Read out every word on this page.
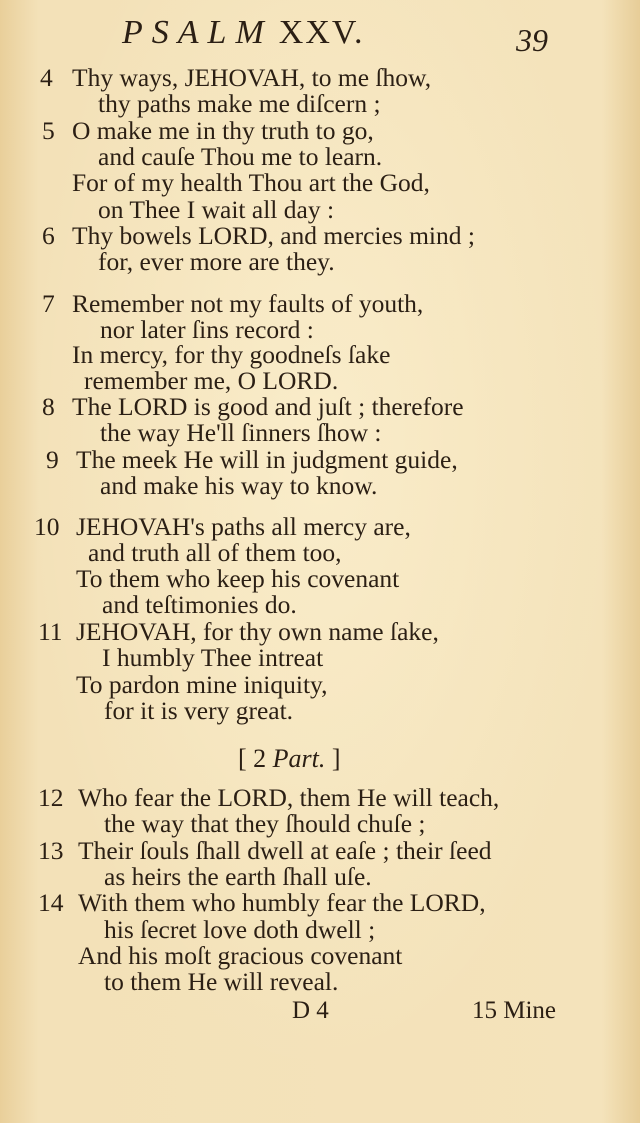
PSALM XXV.	39
4
5
6
7
8
9
10
11
12
13
14
Thy ways, JEHOVAH, to me ſhow,
thy paths make me diſcern ;
O make me in thy truth to go,
and cauſe Thou me to learn.
For of my health Thou art the God,
on Thee I wait all day :
Thy bowels LORD, and mercies mind ;
for, ever more are they.
Remember not my faults of youth,
nor later ſins record :
In mercy, for thy goodneſs ſake
remember me, O LORD.
The LORD is good and juſt ; therefore
the way He'll ſinners ſhow :
The meek He will in judgment guide,
and make his way to know.
JEHOVAH's paths all mercy are,
and truth all of them too,
To them who keep his covenant
and teſtimonies do.
JEHOVAH, for thy own name ſake,
I humbly Thee intreat
To pardon mine iniquity,
for it is very great.
[ 2 Part. ]
Who fear the LORD, them He will teach,
the way that they ſhould chuſe ;
Their ſouls ſhall dwell at eaſe ; their ſeed
as heirs the earth ſhall uſe.
With them who humbly fear the LORD,
his ſecret love doth dwell ;
And his moſt gracious covenant
to them He will reveal.
D 4	15 Mine
